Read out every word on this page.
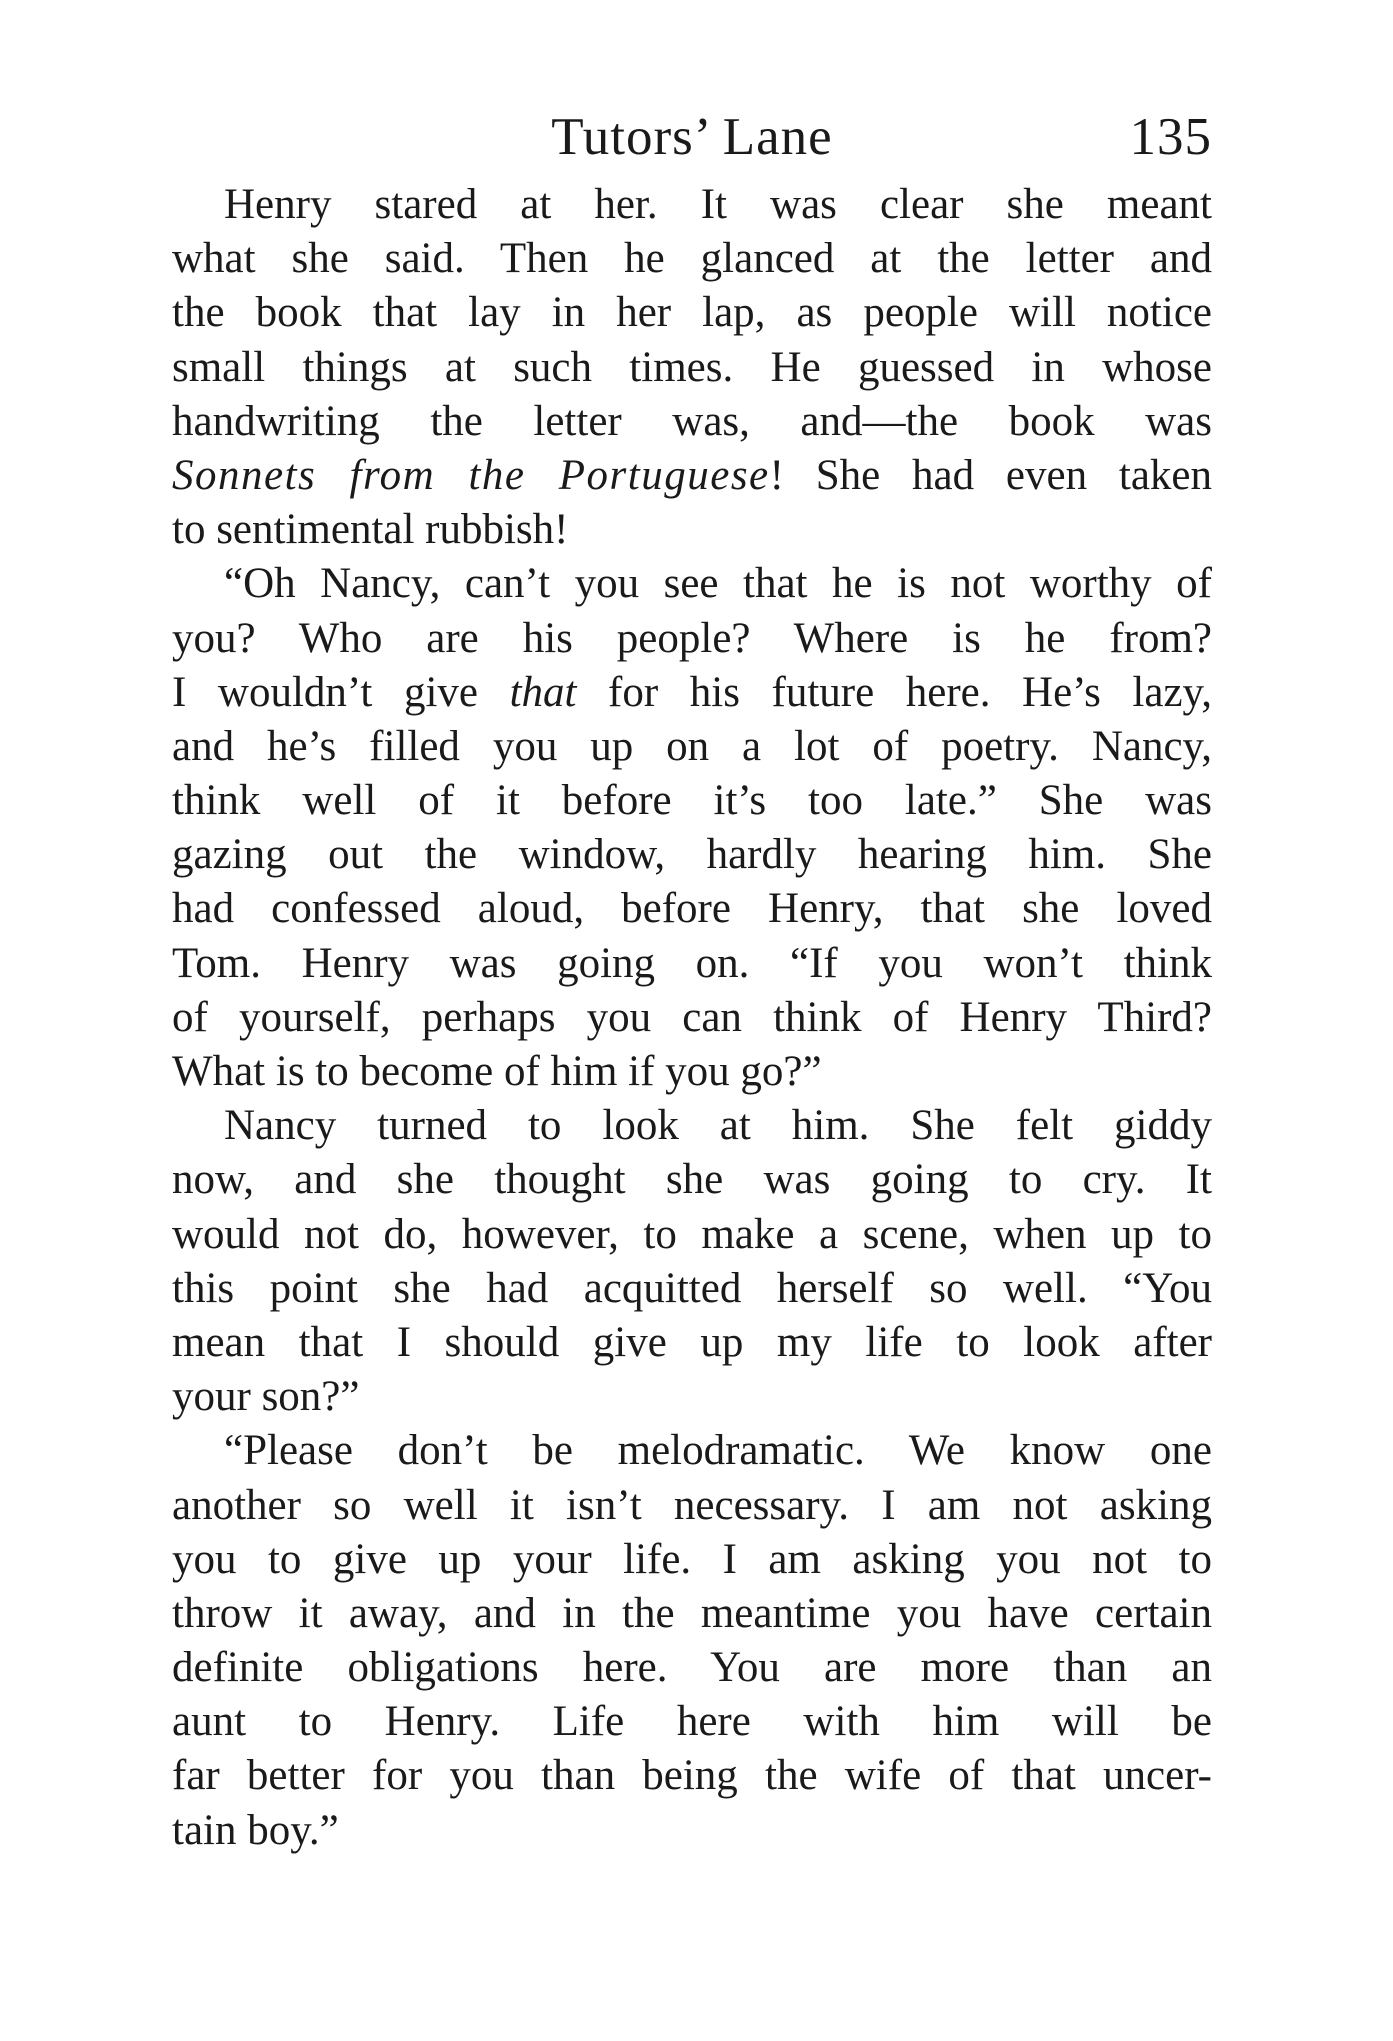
Tutors’ Lane	135
Henry stared at her. It was clear she meant
what she said. Then he glanced at the letter and
the book that lay in her lap, as people will notice
small things at such times. He guessed in whose
handwriting the letter was, and—the book was
Sonnets from the Portuguese! She had even taken
to sentimental rubbish!
“Oh Nancy, can’t you see that he is not worthy of
you? Who are his people? Where is he from?
I wouldn’t give that for his future here. He’s lazy,
and he’s filled you up on a lot of poetry. Nancy,
think well of it before it’s too late.” She was
gazing out the window, hardly hearing him. She
had confessed aloud, before Henry, that she loved
Tom. Henry was going on. “If you won’t think
of yourself, perhaps you can think of Henry Third?
What is to become of him if you go?”
Nancy turned to look at him. She felt giddy
now, and she thought she was going to cry. It
would not do, however, to make a scene, when up to
this point she had acquitted herself so well. “You
mean that I should give up my life to look after
your son?”
“Please don’t be melodramatic. We know one
another so well it isn’t necessary. I am not asking
you to give up your life. I am asking you not to
throw it away, and in the meantime you have certain
definite obligations here. You are more than an
aunt to Henry. Life here with him will be
far better for you than being the wife of that uncer-
tain boy.”
